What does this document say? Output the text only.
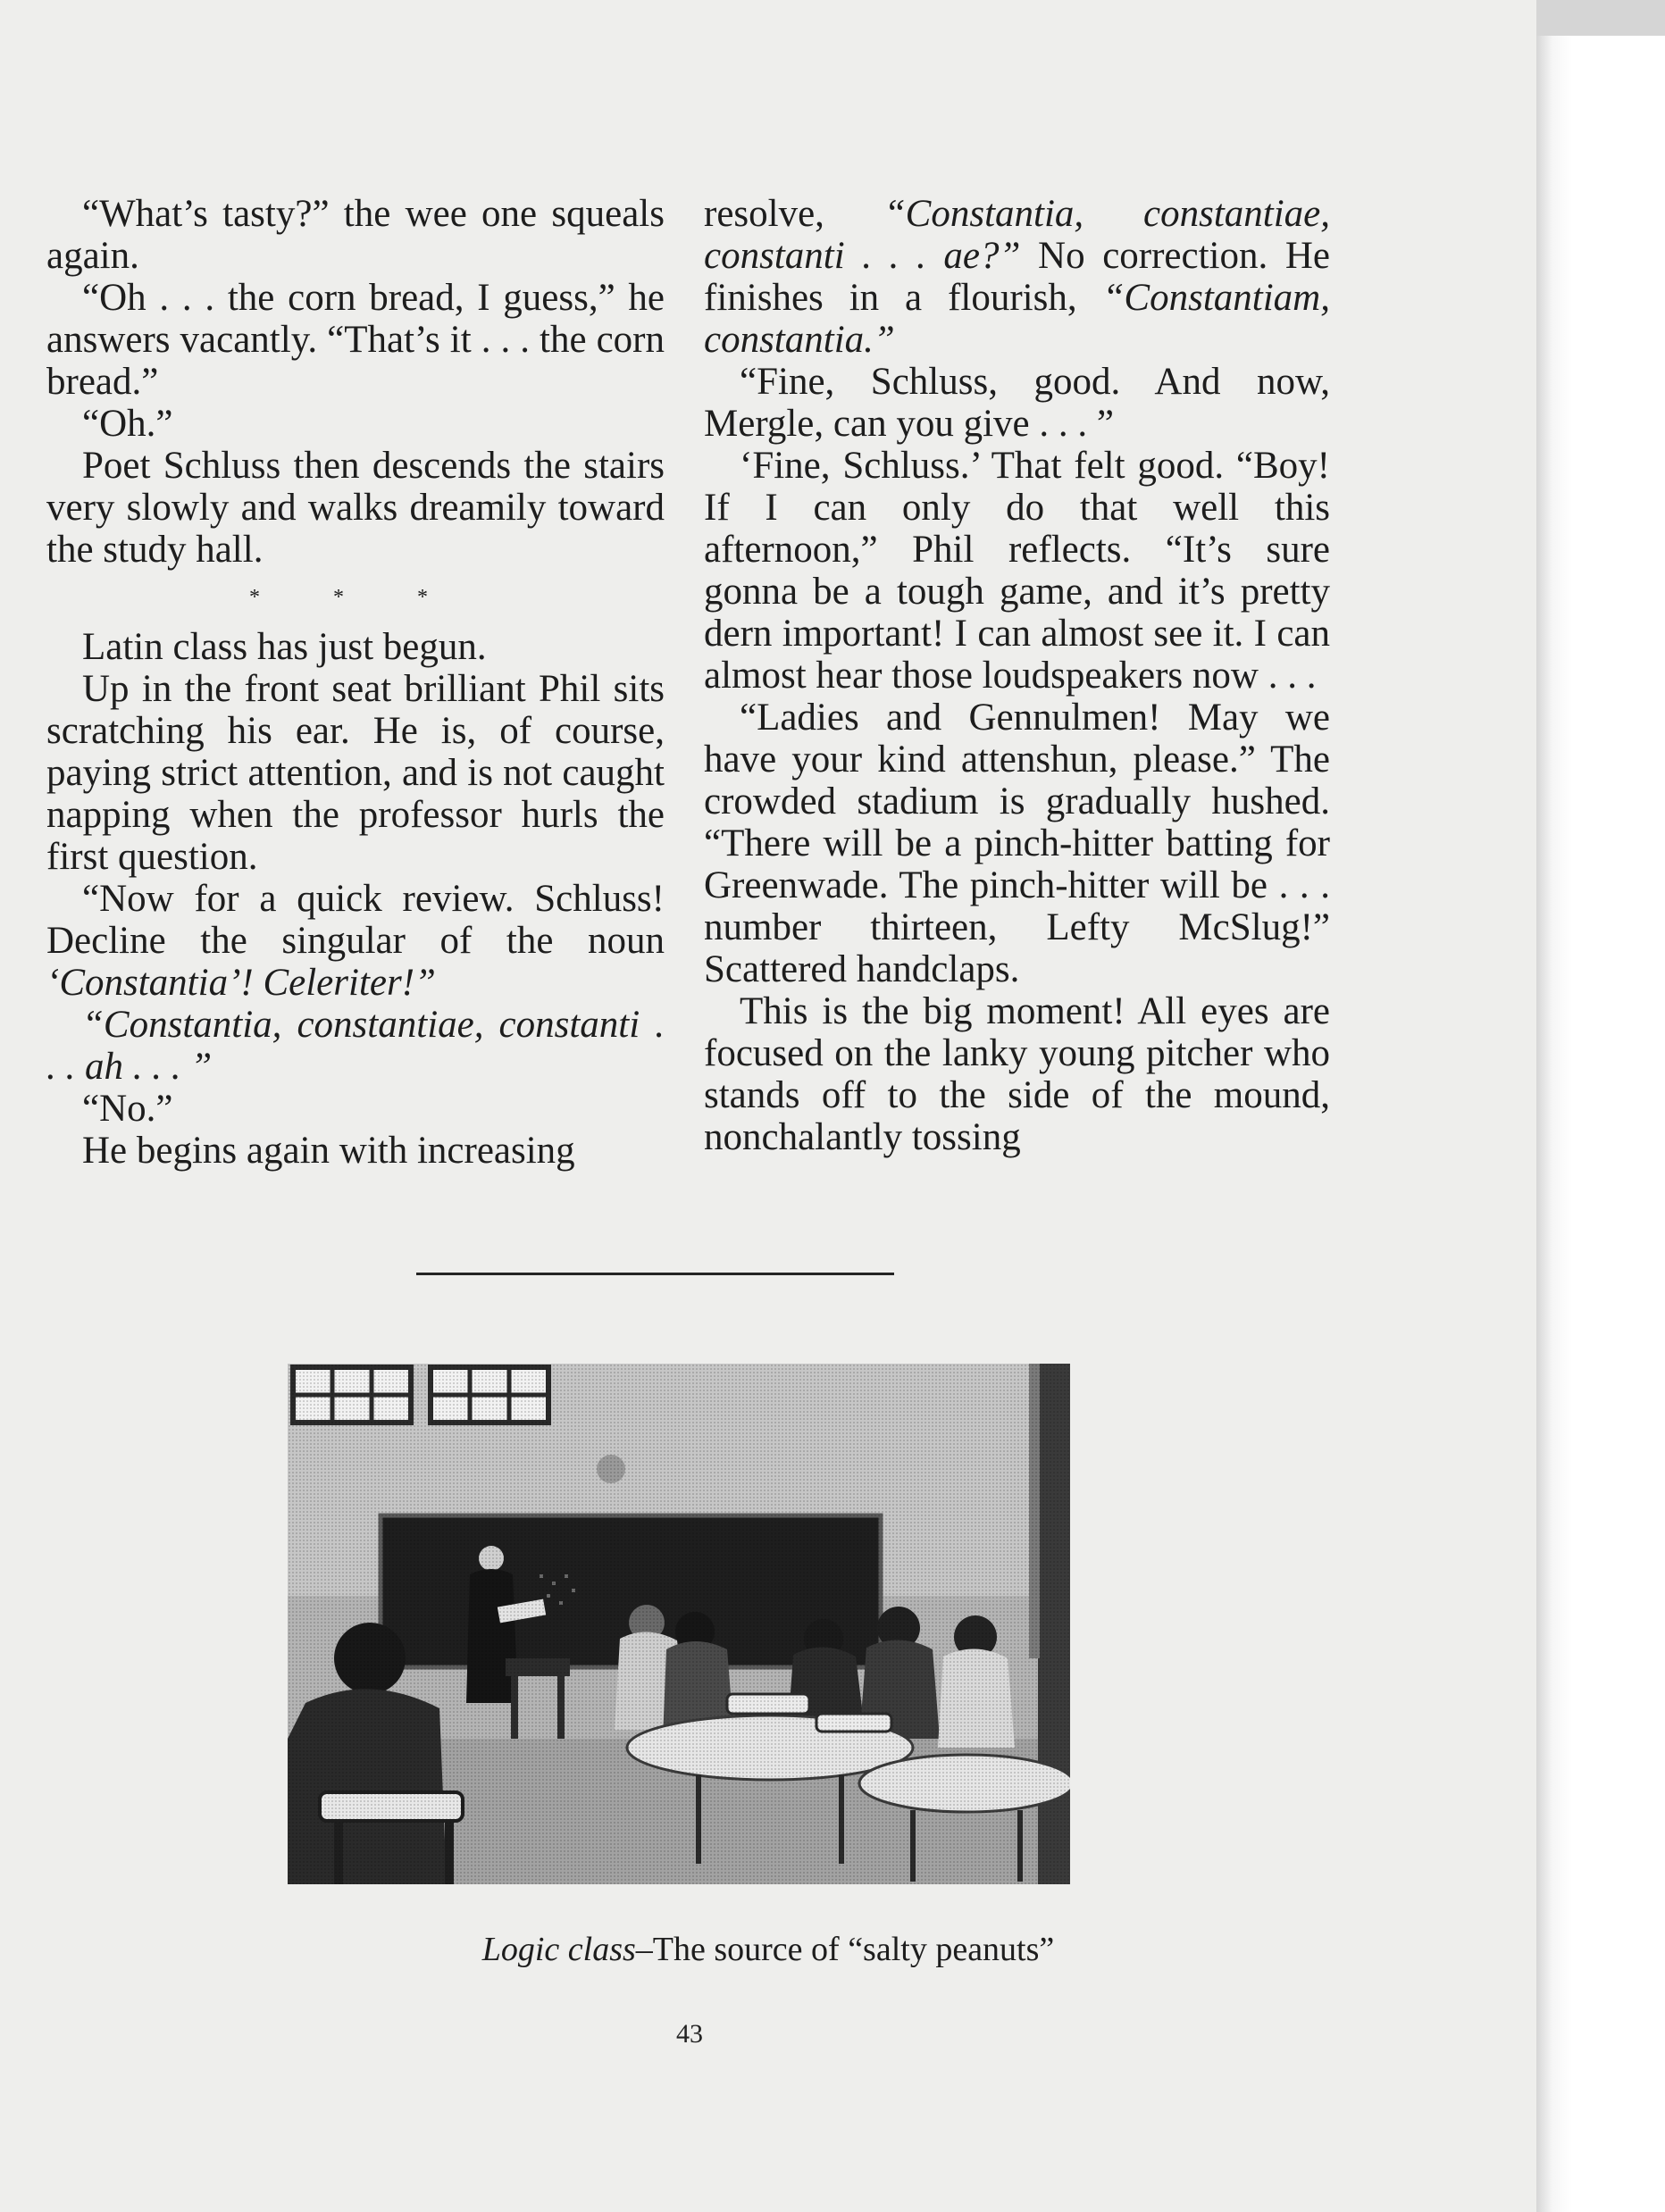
“What’s tasty?” the wee one squeals again.

“Oh . . . the corn bread, I guess,” he answers vacantly. “That’s it . . . the corn bread.”

“Oh.”

Poet Schluss then descends the stairs very slowly and walks dreamily toward the study hall.

* * *

Latin class has just begun.

Up in the front seat brilliant Phil sits scratching his ear. He is, of course, paying strict attention, and is not caught napping when the professor hurls the first question.

“Now for a quick review. Schluss! Decline the singular of the noun ‘Constantia’! Celeriter!”

“Constantia, constantiae, constanti . . . ah . . . ”

“No.”

He begins again with increasing

resolve, “Constantia, constantiae, constanti . . . ae?” No correction. He finishes in a flourish, “Constantiam, constantia.”

“Fine, Schluss, good. And now, Mergle, can you give . . . ”

‘Fine, Schluss.’ That felt good. “Boy! If I can only do that well this afternoon,” Phil reflects. “It’s sure gonna be a tough game, and it’s pretty dern important! I can almost see it. I can almost hear those loudspeakers now . . .

“Ladies and Gennulmen! May we have your kind attenshun, please.” The crowded stadium is gradually hushed. “There will be a pinch-hitter batting for Greenwade. The pinch-hitter will be . . . number thirteen, Lefty McSlug!” Scattered handclaps.

This is the big moment! All eyes are focused on the lanky young pitcher who stands off to the side of the mound, nonchalantly tossing

Logic class–The source of “salty peanuts”
43
